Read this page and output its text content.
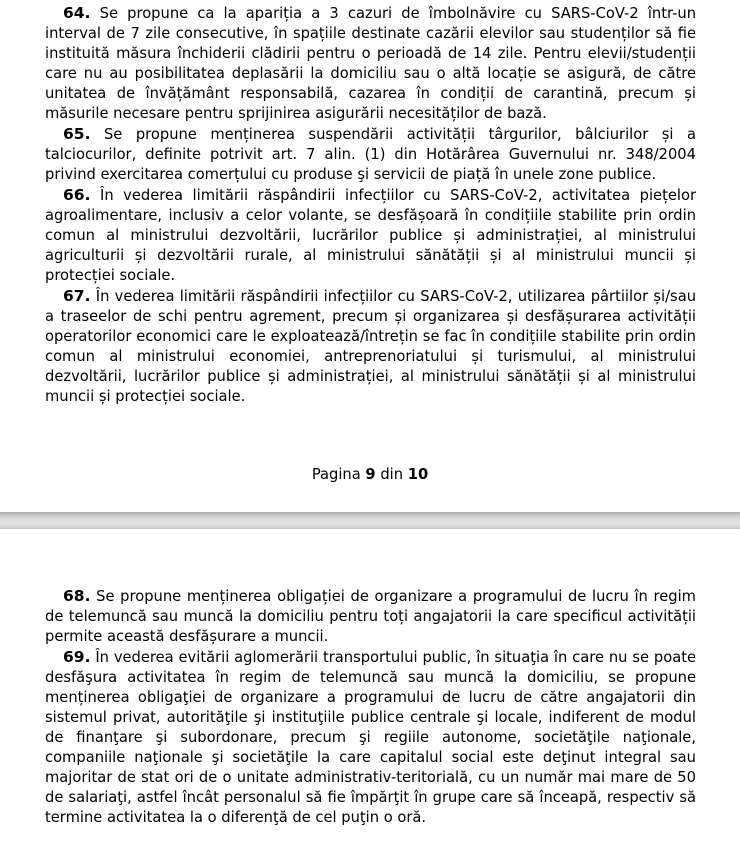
64. Se propune ca la apariția a 3 cazuri de îmbolnăvire cu SARS-CoV-2 într-un interval de 7 zile consecutive, în spațiile destinate cazării elevilor sau studenților să fie instituită măsura închiderii clădirii pentru o perioadă de 14 zile. Pentru elevii/studenții care nu au posibilitatea deplasării la domiciliu sau o altă locație se asigură, de către unitatea de învățământ responsabilă, cazarea în condiții de carantină, precum și măsurile necesare pentru sprijinirea asigurării necesităților de bază.

65. Se propune menținerea suspendării activității târgurilor, bâlciurilor și a talciocurilor, definite potrivit art. 7 alin. (1) din Hotărârea Guvernului nr. 348/2004 privind exercitarea comerțului cu produse şi servicii de piață în unele zone publice.

66. În vederea limitării răspândirii infecțiilor cu SARS-CoV-2, activitatea piețelor agroalimentare, inclusiv a celor volante, se desfășoară în condițiile stabilite prin ordin comun al ministrului dezvoltării, lucrărilor publice și administrației, al ministrului agriculturii și dezvoltării rurale, al ministrului sănătății și al ministrului muncii și protecției sociale.

67. În vederea limitării răspândirii infecțiilor cu SARS-CoV-2, utilizarea pârtiilor și/sau a traseelor de schi pentru agrement, precum și organizarea și desfășurarea activității operatorilor economici care le exploatează/întrețin se fac în condițiile stabilite prin ordin comun al ministrului economiei, antreprenoriatului și turismului, al ministrului dezvoltării, lucrărilor publice și administrației, al ministrului sănătății și al ministrului muncii și protecției sociale.

Pagina 9 din 10

68. Se propune menținerea obligației de organizare a programului de lucru în regim de telemuncă sau muncă la domiciliu pentru toți angajatorii la care specificul activității permite această desfășurare a muncii.

69. În vederea evitării aglomerării transportului public, în situaţia în care nu se poate desfăşura activitatea în regim de telemuncă sau muncă la domiciliu, se propune menținerea obligaţiei de organizare a programului de lucru de către angajatorii din sistemul privat, autorităţile şi instituţiile publice centrale şi locale, indiferent de modul de finanţare şi subordonare, precum şi regiile autonome, societăţile naţionale, companiile naţionale şi societăţile la care capitalul social este deţinut integral sau majoritar de stat ori de o unitate administrativ-teritorială, cu un număr mai mare de 50 de salariaţi, astfel încât personalul să fie împărţit în grupe care să înceapă, respectiv să termine activitatea la o diferenţă de cel puţin o oră.
